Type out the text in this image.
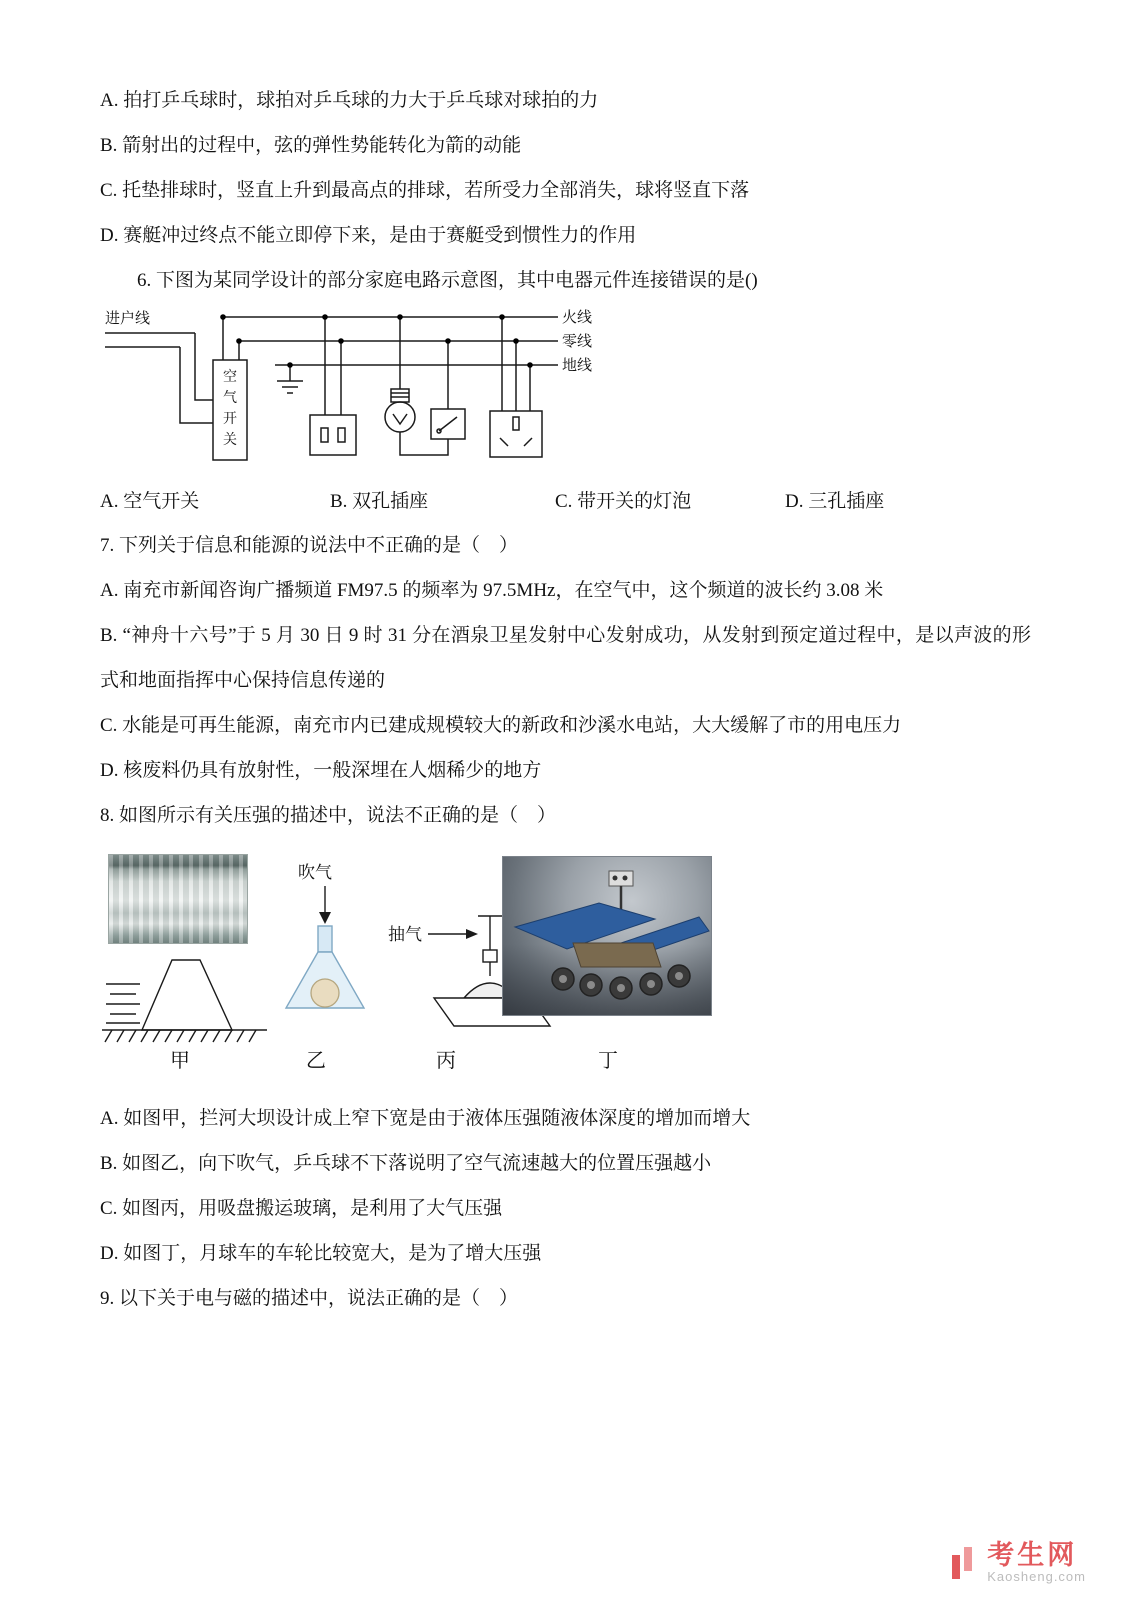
A. 拍打乒乓球时，球拍对乒乓球的力大于乒乓球对球拍的力

B. 箭射出的过程中，弦的弹性势能转化为箭的动能

C. 托垫排球时，竖直上升到最高点的排球，若所受力全部消失，球将竖直下落

D. 赛艇冲过终点不能立即停下来，是由于赛艇受到惯性力的作用

6. 下图为某同学设计的部分家庭电路示意图，其中电器元件连接错误的是()

进户线	火线
零线
地线
空
气
开
关
A. 空气开关	B. 双孔插座	C. 带开关的灯泡	D. 三孔插座

7. 下列关于信息和能源的说法中不正确的是（　）

A. 南充市新闻咨询广播频道 FM97.5 的频率为 97.5MHz，在空气中，这个频道的波长约 3.08 米

B. “神舟十六号”于 5 月 30 日 9 时 31 分在酒泉卫星发射中心发射成功，从发射到预定道过程中，是以声波的形式和地面指挥中心保持信息传递的

C. 水能是可再生能源，南充市内已建成规模较大的新政和沙溪水电站，大大缓解了市的用电压力

D. 核废料仍具有放射性，一般深埋在人烟稀少的地方

8. 如图所示有关压强的描述中，说法不正确的是（　）

吹气
抽气
甲	乙	丙	丁

A. 如图甲，拦河大坝设计成上窄下宽是由于液体压强随液体深度的增加而增大

B. 如图乙，向下吹气，乒乓球不下落说明了空气流速越大的位置压强越小

C. 如图丙，用吸盘搬运玻璃，是利用了大气压强

D. 如图丁，月球车的车轮比较宽大，是为了增大压强

9. 以下关于电与磁的描述中，说法正确的是（　）

考生网
Kaosheng.com
